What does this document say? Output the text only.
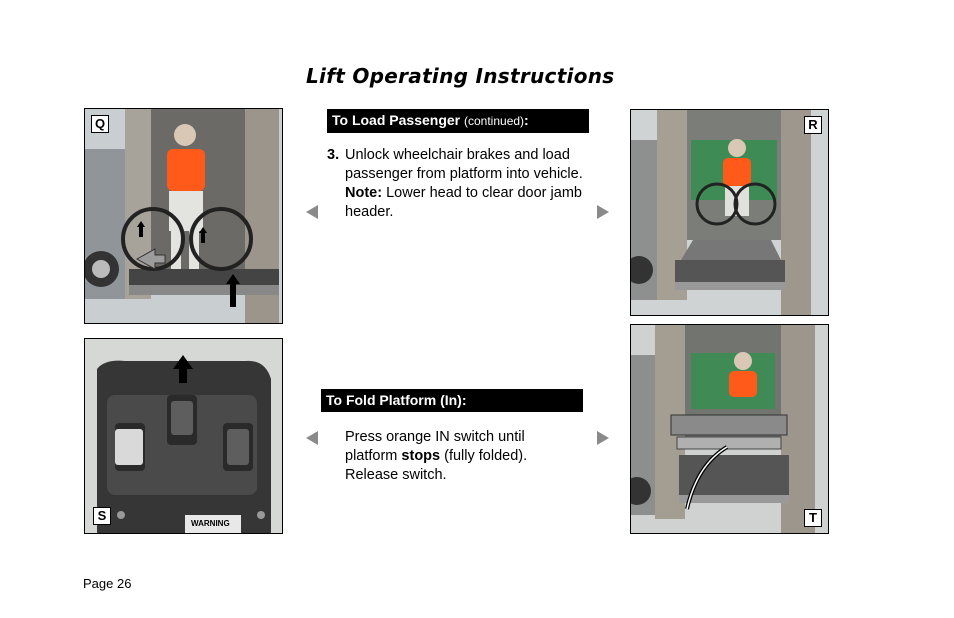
Lift Operating Instructions
Q	To Load Passenger (continued):
3. Unlock wheelchair brakes and load passenger from platform into vehicle. Note: Lower head to clear door jamb header.
R
WARNING
S
To Fold Platform (In):
Press orange IN switch until platform stops (fully folded). Release switch.
T
Page 26
